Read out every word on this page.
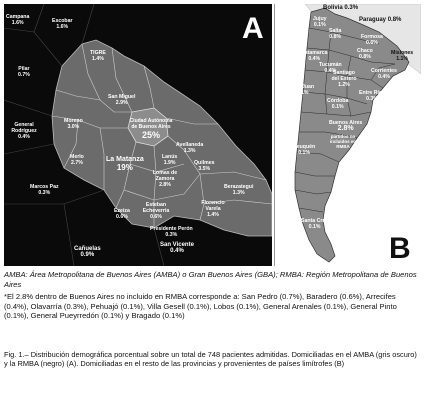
A
Campana
1.6%	Escobar
1.6%
Pilar
0.7%
TIGRE
1.4%
General Rodríguez
0.4%
Moreno
3.0%
San Miguel
2.9%
Merlo
2.7%
Marcos Paz
0.3%
Ciudad Autónoma de Buenos Aires
25%
La Matanza
19%
Lanús
1.9%
Avellaneda
1.3%
Quilmes
3.5%
Lomas de Zamora
2.8%	Berazategui
1.3%
Ezeiza
0.6%
Esteban Echeverría
0.6%
Florencio Varela
1.4%
Presidente Perón
0.3%
San Vicente
0.4%
Cañuelas
0.9%	B
Bolivia 0.3%
Paraguay 0.8%
Jujuy
0.1%
Salta
0.8%	Formosa
0.6%
Catamarca
0.4%
Chaco
0.8%
Misiones
1.1%
Tucumán
0.4%
Santiago del Estero
1.2%
Corrientes
0.4%
San Juan
0.1%
Córdoba
0.1%
Entre Ríos
0.3%
Buenos Aires
2.8%
partidos no incluidos en RMBA
Neuquén
0.1%
Santa Cruz
0.1%
AMBA: Área Metropolitana de Buenos Aires (AMBA) o Gran Buenos Aires (GBA); RMBA: Región Metropolitana de Buenos Aires
*El 2.8% dentro de Buenos Aires no incluido en RMBA corresponde a: San Pedro (0.7%), Baradero (0.6%), Arrecifes (0.4%), Olavarría (0.3%), Pehuajó (0.1%), Villa Gesell (0.1%), Lobos (0.1%), General Arenales (0.1%), General Pinto (0.1%), General Pueyrredón (0.1%) y Bragado (0.1%)
Fig. 1.– Distribución demográfica porcentual sobre un total de 748 pacientes admitidas. Domiciliadas en el AMBA (gris oscuro) y la RMBA (negro) (A). Domiciliadas en el resto de las provincias y provenientes de países limítrofes (B)
